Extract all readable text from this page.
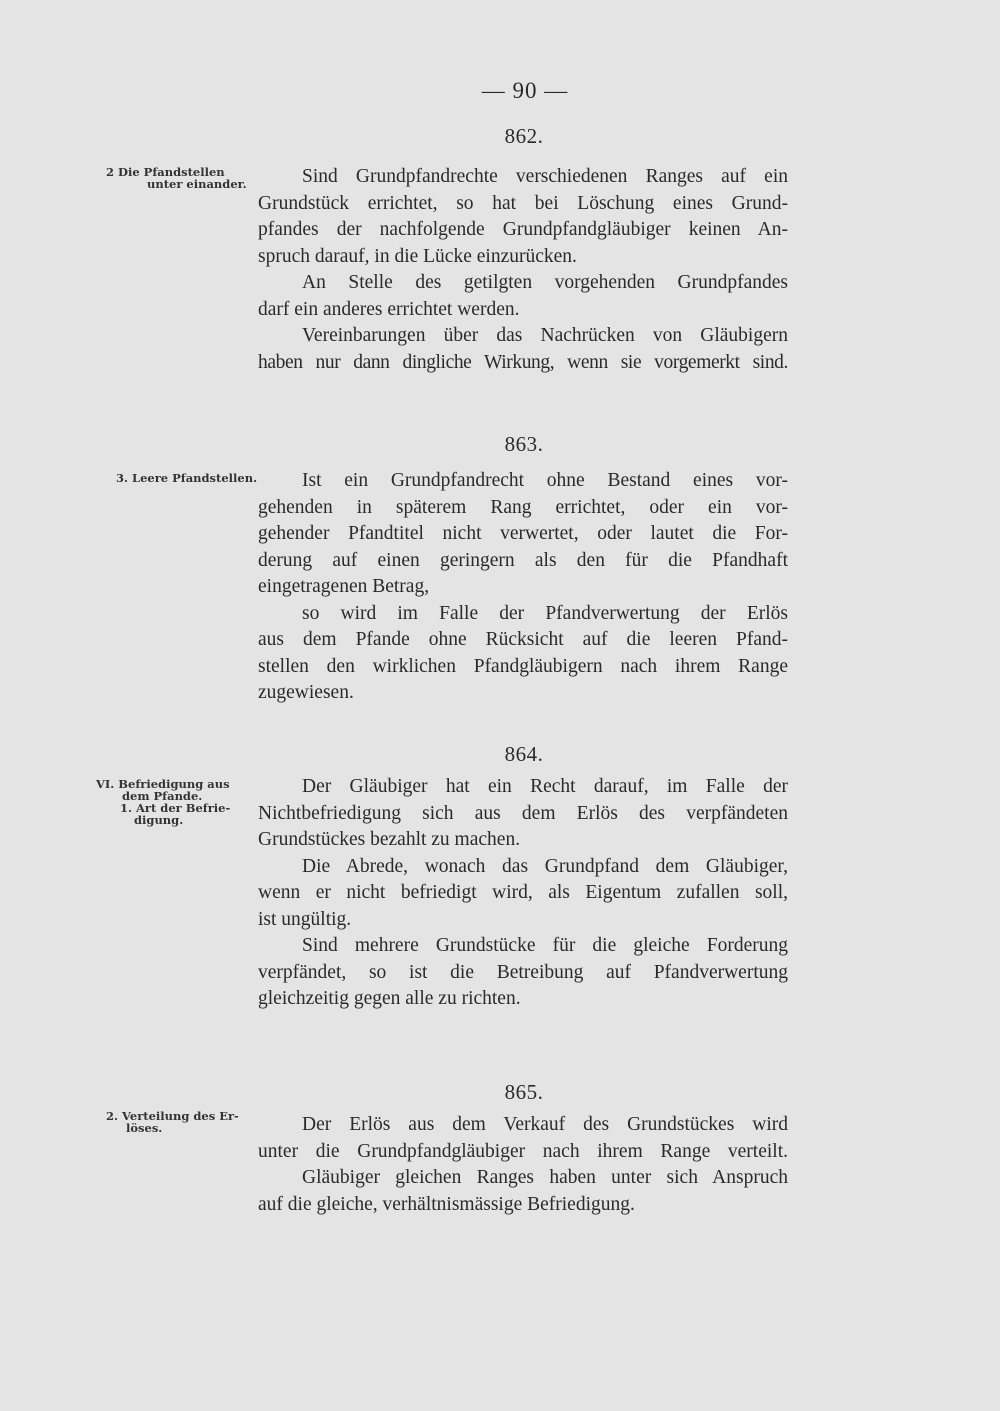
— 90 —
862.
2 Die Pfandstellen
unter einander.	Sind Grundpfandrechte verschiedenen Ranges auf ein
Grundstück errichtet, so hat bei Löschung eines Grund-
pfandes der nachfolgende Grundpfandgläubiger keinen An-
spruch darauf, in die Lücke einzurücken.
An Stelle des getilgten vorgehenden Grundpfandes
darf ein anderes errichtet werden.
Vereinbarungen über das Nachrücken von Gläubigern
haben nur dann dingliche Wirkung, wenn sie vorgemerkt sind.
863.
3. Leere Pfandstellen.	Ist ein Grundpfandrecht ohne Bestand eines vor-
gehenden in späterem Rang errichtet, oder ein vor-
gehender Pfandtitel nicht verwertet, oder lautet die For-
derung auf einen geringern als den für die Pfandhaft
eingetragenen Betrag,
so wird im Falle der Pfandverwertung der Erlös
aus dem Pfande ohne Rücksicht auf die leeren Pfand-
stellen den wirklichen Pfandgläubigern nach ihrem Range
zugewiesen.
864.
VI. Befriedigung aus
dem Pfande.
1. Art der Befrie-
digung.
Der Gläubiger hat ein Recht darauf, im Falle der
Nichtbefriedigung sich aus dem Erlös des verpfändeten
Grundstückes bezahlt zu machen.
Die Abrede, wonach das Grundpfand dem Gläubiger,
wenn er nicht befriedigt wird, als Eigentum zufallen soll,
ist ungültig.
Sind mehrere Grundstücke für die gleiche Forderung
verpfändet, so ist die Betreibung auf Pfandverwertung
gleichzeitig gegen alle zu richten.
865.
2. Verteilung des Er-
löses.	Der Erlös aus dem Verkauf des Grundstückes wird
unter die Grundpfandgläubiger nach ihrem Range verteilt.
Gläubiger gleichen Ranges haben unter sich Anspruch
auf die gleiche, verhältnismässige Befriedigung.
